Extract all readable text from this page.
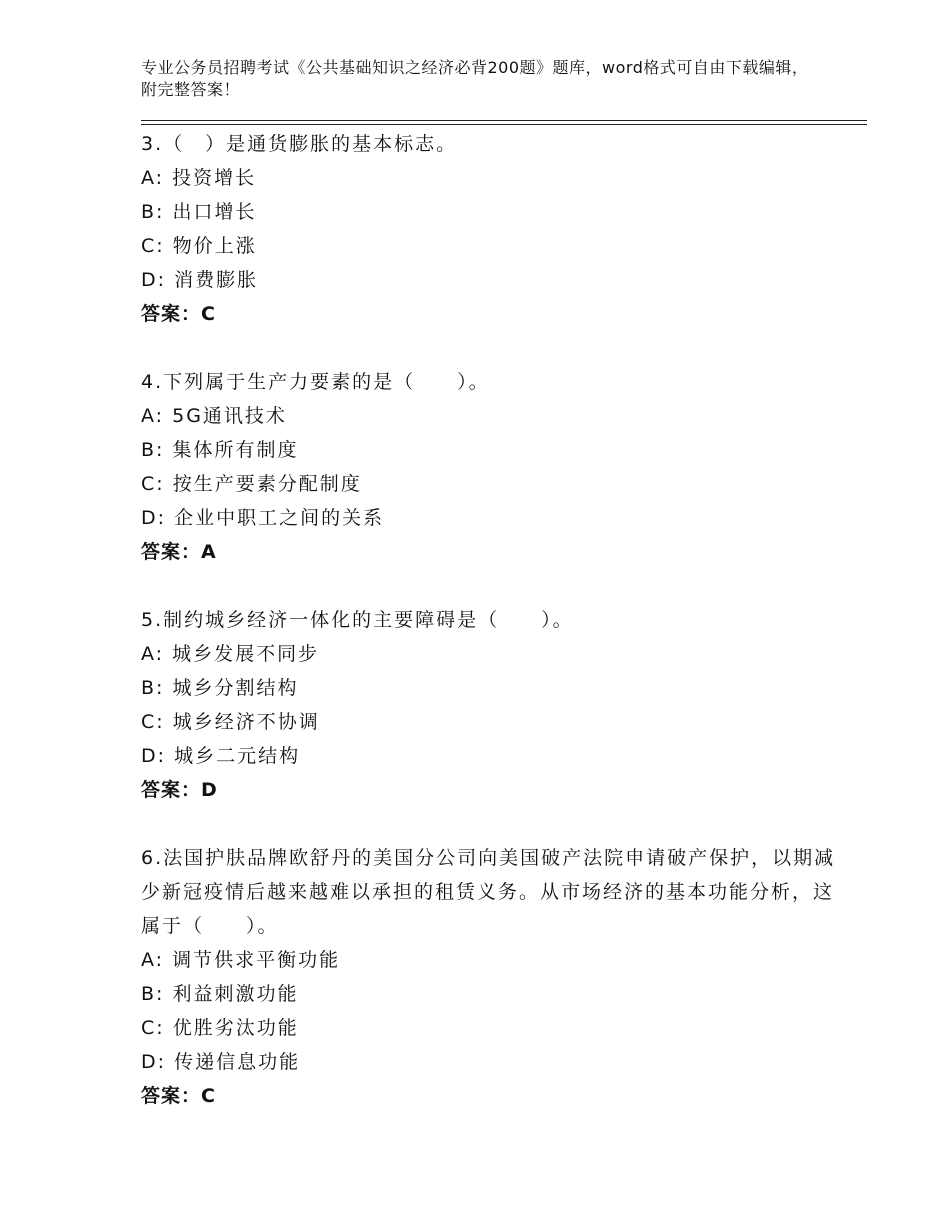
专业公务员招聘考试《公共基础知识之经济必背200题》题库，word格式可自由下载编辑，附完整答案！
3.（　）是通货膨胀的基本标志。
A: 投资增长
B: 出口增长
C: 物价上涨
D: 消费膨胀
答案：C
4.下列属于生产力要素的是（　　）。
A: 5G通讯技术
B: 集体所有制度
C: 按生产要素分配制度
D: 企业中职工之间的关系
答案：A
5.制约城乡经济一体化的主要障碍是（　　）。
A: 城乡发展不同步
B: 城乡分割结构
C: 城乡经济不协调
D: 城乡二元结构
答案：D
6.法国护肤品牌欧舒丹的美国分公司向美国破产法院申请破产保护，以期减少新冠疫情后越来越难以承担的租赁义务。从市场经济的基本功能分析，这属于（　　）。
A: 调节供求平衡功能
B: 利益刺激功能
C: 优胜劣汰功能
D: 传递信息功能
答案：C
